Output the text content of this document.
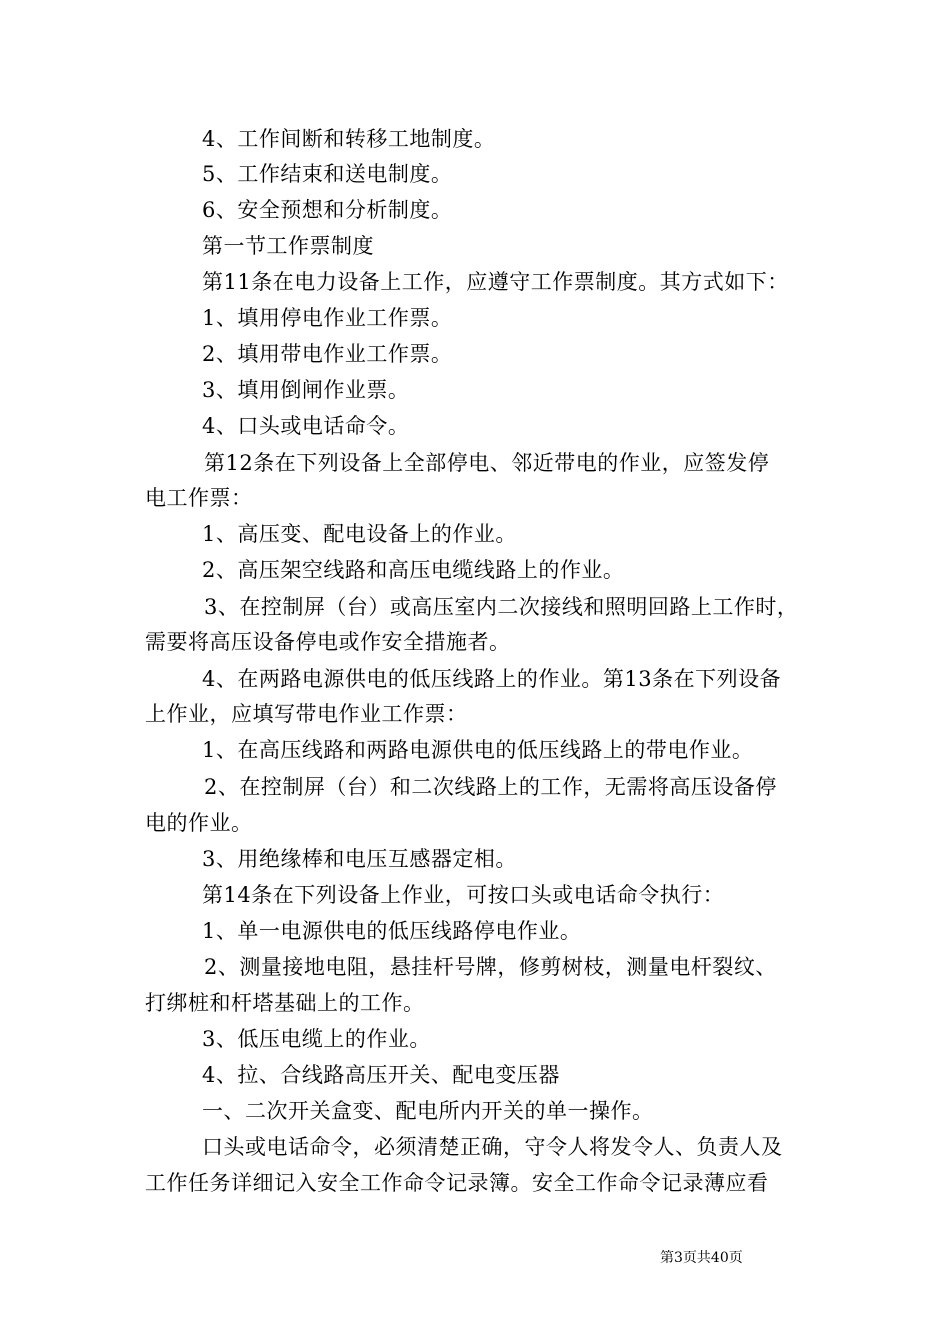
4、工作间断和转移工地制度。
5、工作结束和送电制度。
6、安全预想和分析制度。
第一节工作票制度
第11条在电力设备上工作，应遵守工作票制度。其方式如下：
1、填用停电作业工作票。
2、填用带电作业工作票。
3、填用倒闸作业票。
4、口头或电话命令。
第12条在下列设备上全部停电、邻近带电的作业，应签发停
电工作票：
1、高压变、配电设备上的作业。
2、高压架空线路和高压电缆线路上的作业。
3、在控制屏（台）或高压室内二次接线和照明回路上工作时，
需要将高压设备停电或作安全措施者。
4、在两路电源供电的低压线路上的作业。第13条在下列设备
上作业，应填写带电作业工作票：
1、在高压线路和两路电源供电的低压线路上的带电作业。
2、在控制屏（台）和二次线路上的工作，无需将高压设备停
电的作业。
3、用绝缘棒和电压互感器定相。
第14条在下列设备上作业，可按口头或电话命令执行：
1、单一电源供电的低压线路停电作业。
2、测量接地电阻，悬挂杆号牌，修剪树枝，测量电杆裂纹、
打绑桩和杆塔基础上的工作。
3、低压电缆上的作业。
4、拉、合线路高压开关、配电变压器
一、二次开关盒变、配电所内开关的单一操作。
口头或电话命令，必须清楚正确，守令人将发令人、负责人及
工作任务详细记入安全工作命令记录簿。安全工作命令记录薄应看
第3页共40页
